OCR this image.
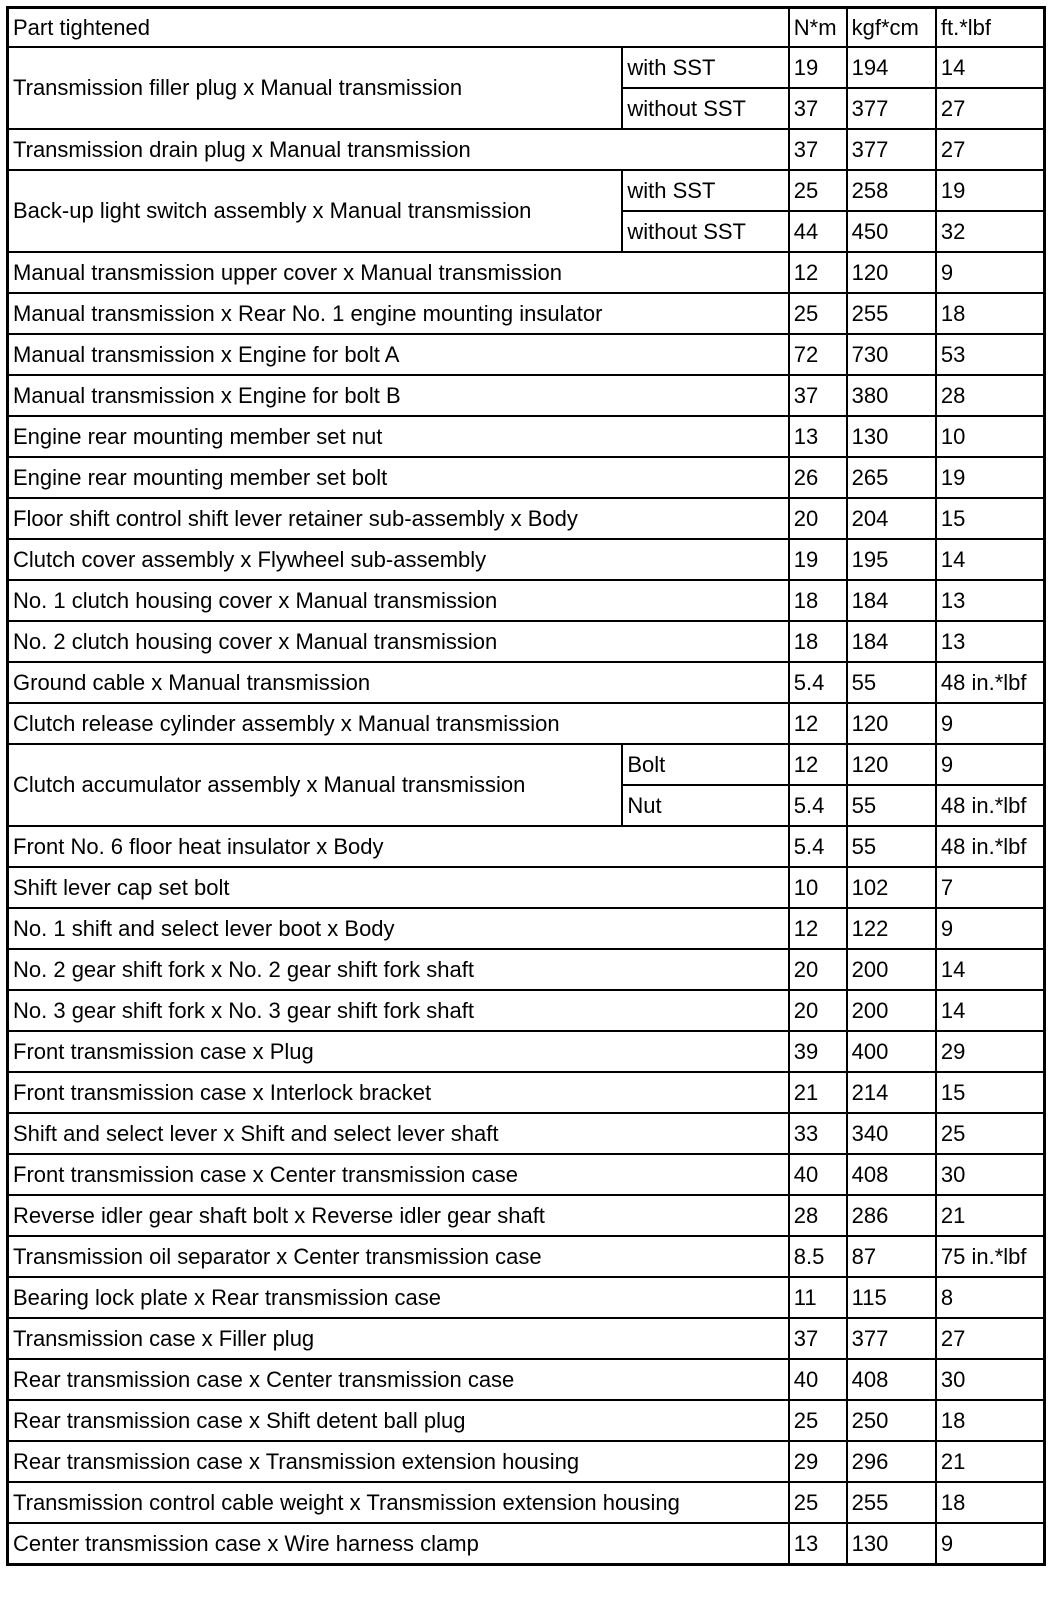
Part tightened		N*m	kgf*cm	ft.*lbf
Transmission filler plug x Manual transmission	with SST	19	194	14
	without SST	37	377	27
Transmission drain plug x Manual transmission		37	377	27
Back-up light switch assembly x Manual transmission	with SST	25	258	19
	without SST	44	450	32
Manual transmission upper cover x Manual transmission		12	120	9
Manual transmission x Rear No. 1 engine mounting insulator		25	255	18
Manual transmission x Engine for bolt A		72	730	53
Manual transmission x Engine for bolt B		37	380	28
Engine rear mounting member set nut		13	130	10
Engine rear mounting member set bolt		26	265	19
Floor shift control shift lever retainer sub-assembly x Body		20	204	15
Clutch cover assembly x Flywheel sub-assembly		19	195	14
No. 1 clutch housing cover x Manual transmission		18	184	13
No. 2 clutch housing cover x Manual transmission		18	184	13
Ground cable x Manual transmission		5.4	55	48 in.*lbf
Clutch release cylinder assembly x Manual transmission		12	120	9
Clutch accumulator assembly x Manual transmission	Bolt	12	120	9
	Nut	5.4	55	48 in.*lbf
Front No. 6 floor heat insulator x Body		5.4	55	48 in.*lbf
Shift lever cap set bolt		10	102	7
No. 1 shift and select lever boot x Body		12	122	9
No. 2 gear shift fork x No. 2 gear shift fork shaft		20	200	14
No. 3 gear shift fork x No. 3 gear shift fork shaft		20	200	14
Front transmission case x Plug		39	400	29
Front transmission case x Interlock bracket		21	214	15
Shift and select lever x Shift and select lever shaft		33	340	25
Front transmission case x Center transmission case		40	408	30
Reverse idler gear shaft bolt x Reverse idler gear shaft		28	286	21
Transmission oil separator x Center transmission case		8.5	87	75 in.*lbf
Bearing lock plate x Rear transmission case		11	115	8
Transmission case x Filler plug		37	377	27
Rear transmission case x Center transmission case		40	408	30
Rear transmission case x Shift detent ball plug		25	250	18
Rear transmission case x Transmission extension housing		29	296	21
Transmission control cable weight x Transmission extension housing		25	255	18
Center transmission case x Wire harness clamp		13	130	9
